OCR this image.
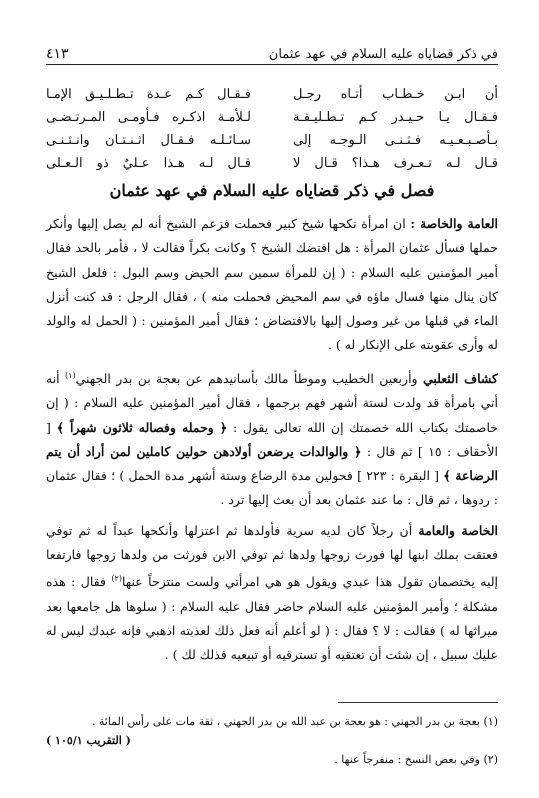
في ذكر قضاياه عليه السلام في عهد عثمان
٤١٣
أن ابـن خـطـاب أتـاه رجـل
فـقـال كـم عـدة تـطـلـيـق الإمـا
فـقـال يـا حـيـدر كـم تـطـليـقـة
لـلأمـة اذكـره فـأومـى المـرتـضـى
بـأصـبـعـيـه فـثـنـى الـوجـه إلى
سـائـلـه فـقـال اثـنـتـان وانـثـنـى
قـال لـه تـعـرف هـذا؟ قـال لا
قـال لـه هـذا عـليٌ ذو الـعـلى
فصل في ذكر قضاياه عليه السلام في عهد عثمان

العامة والخاصة : ان امرأة نكحها شيخ كبير فحملت فزعم الشيخ أنه لم يصل إليها وأنكر حملها فسأل عثمان المرأة : هل افتضك الشيخ ؟ وكانت بكراً فقالت لا ، فأمر بالحد فقال أمير المؤمنين عليه السلام : ( إن للمرأة سمين سم الحيض وسم البول : فلعل الشيخ كان ينال منها فسال ماؤه في سم المحيض فحملت منه ) ، فقال الرجل : قد كنت أنزل الماء في قبلها من غير وصول إليها بالافتضاض ؛ فقال أمير المؤمنين : ( الحمل له والولد له وأرى عقوبته على الإنكار له ) .

كشاف الثعلبي وأربعين الخطيب وموطأ مالك بأسانيدهم عن بعجة بن بدر الجهني$^{(١)}$ أنه أتي بامرأة قد ولدت لستة أشهر فهم برجمها ، فقال أمير المؤمنين عليه السلام : ( إن خاصمتك بكتاب الله خصمتك إن الله تعالى يقول : ﴿ وحمله وفصاله ثلاثون شهراً ﴾ [ الأحقاف : ١٥ ] ثم قال : ﴿ والوالدات يرضعن أولادهن حولين كاملين لمن أراد أن يتم الرضاعة ﴾ [ البقرة : ٢٢٣ ] فحولين مدة الرضاع وستة أشهر مدة الحمل ) ؛ فقال عثمان : ردوها ، ثم قال : ما عند عثمان بعد أن بعث إليها ترد .

الخاصة والعامة أن رجلاً كان لديه سرية فأولدها ثم اعتزلها وأنكحها عبداً له ثم توفي فعتقت بملك ابنها لها فورث زوجها ولدها ثم توفي الابن فورثت من ولدها زوجها فارتفعا إليه يختصمان تقول هذا عبدي ويقول هو هي امرأتي ولست منتزحاً عنها$^{(٢)}$ فقال : هذه مشكلة ؛ وأمير المؤمنين عليه السلام حاضر فقال عليه السلام : ( سلوها هل جامعها بعد ميراثها له ) فقالت : لا ؟ فقال : ( لو أعلم أنه فعل ذلك لعذبته اذهبي فإنه عبدك ليس له عليك سبيل ، إن شئت أن تعتقيه أو تسترقيه أو تبيعيه فذلك لك ) .

(١) بعجة بن بدر الجهني : هو بعجة بن عبد الله بن بدر الجهني ، ثقة مات على رأس المائة .

( التقريب ١٠٥/١ )

(٢) وفي بعض النسخ : منفرجاً عنها .
